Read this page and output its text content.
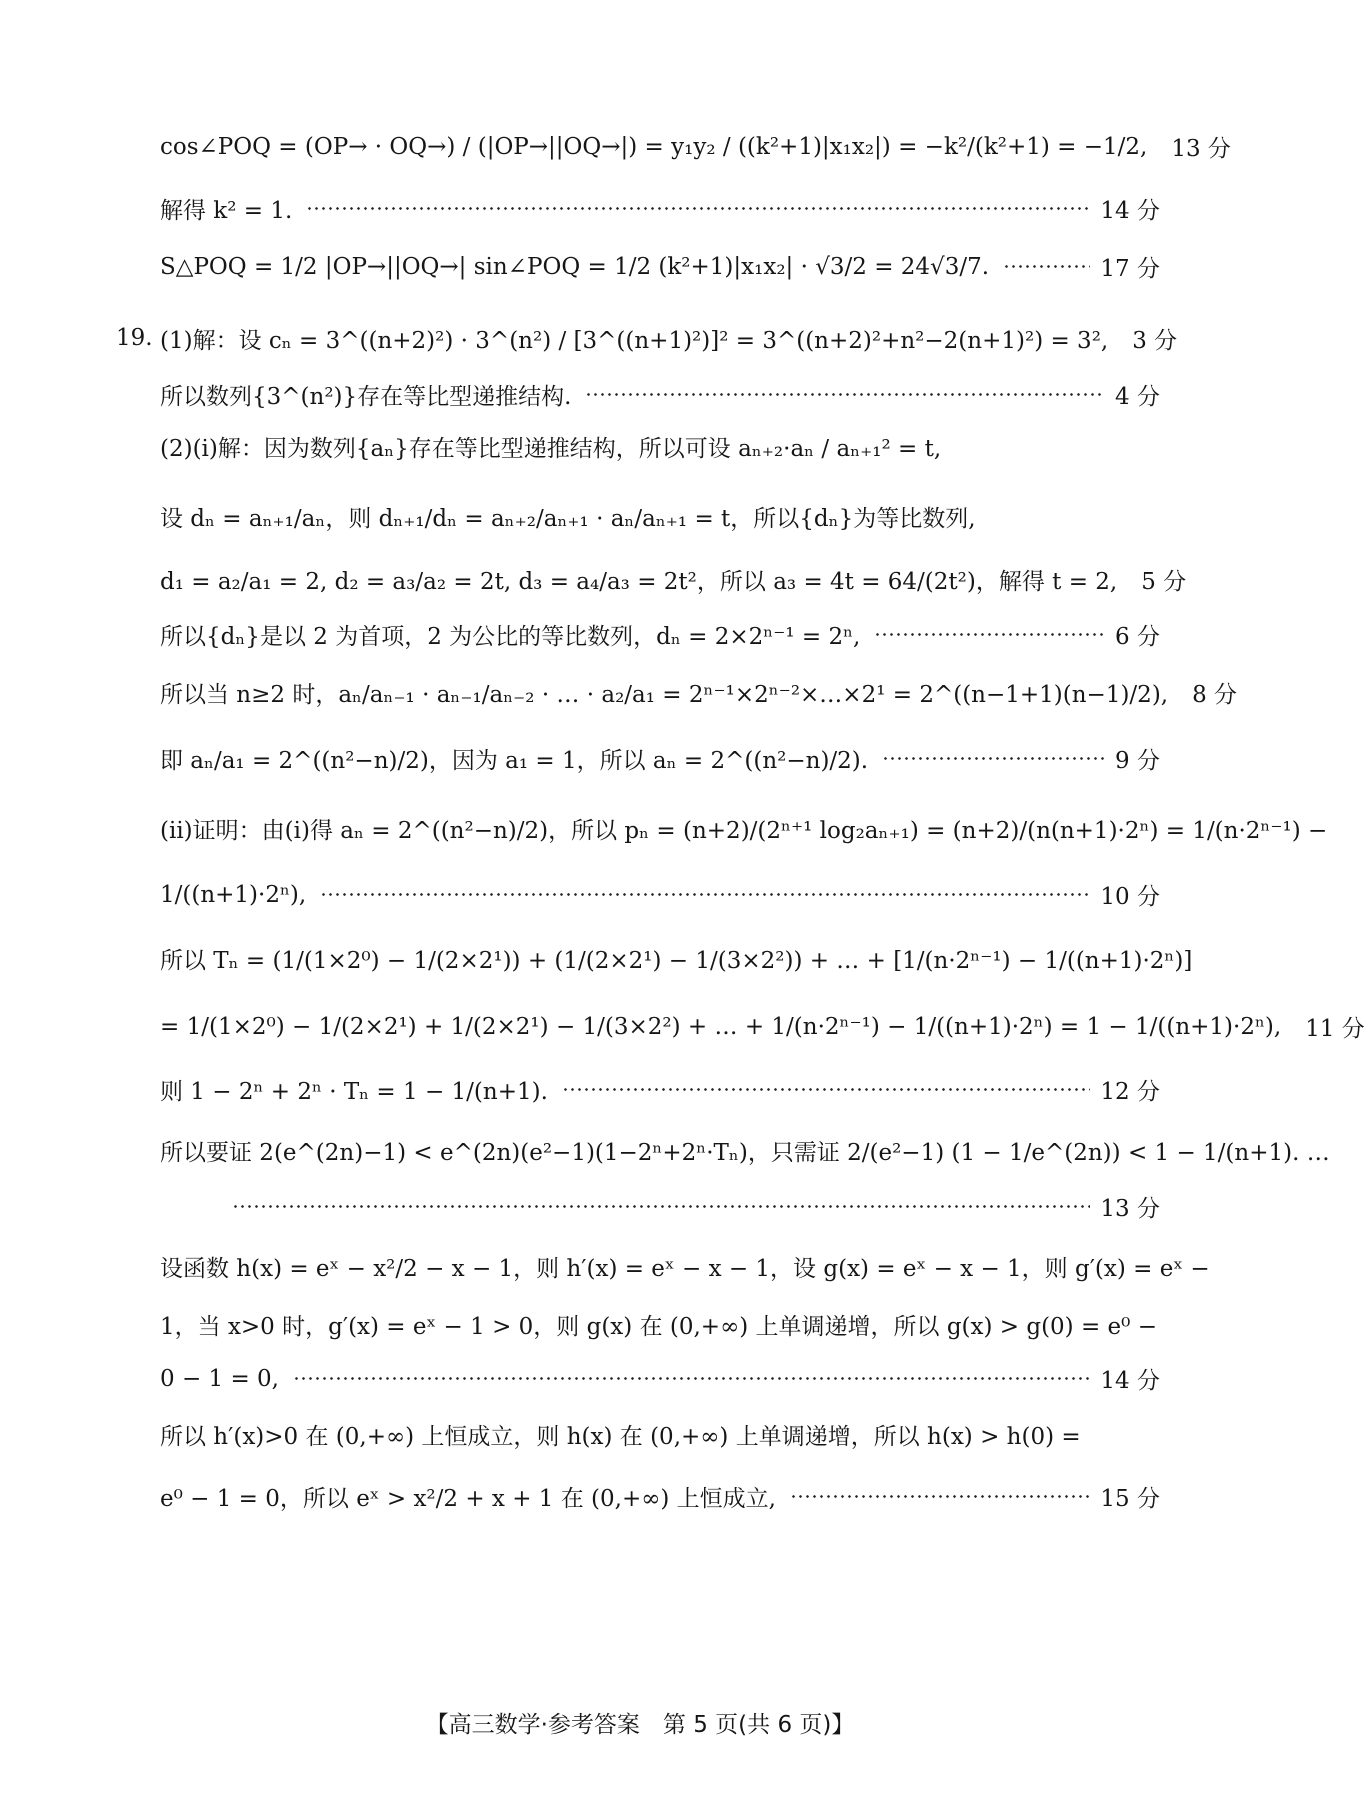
cos∠POQ = (OP→ · OQ→) / (|OP→||OQ→|) = y₁y₂ / ((k²+1)|x₁x₂|) = −k²/(k²+1) = −1/2, 13 分
解得 k² = 1.	14 分
S△POQ = 1/2 |OP→||OQ→| sin∠POQ = 1/2 (k²+1)|x₁x₂| · √3/2 = 24√3/7.	17 分
19. (1)解：设 cₙ = 3^((n+2)²) · 3^(n²) / [3^((n+1)²)]² = 3^((n+2)²+n²−2(n+1)²) = 3², 3 分
所以数列{3^(n²)}存在等比型递推结构.	4 分
(2)(ⅰ)解：因为数列{aₙ}存在等比型递推结构，所以可设 aₙ₊₂·aₙ / aₙ₊₁² = t,
设 dₙ = aₙ₊₁/aₙ，则 dₙ₊₁/dₙ = aₙ₊₂/aₙ₊₁ · aₙ/aₙ₊₁ = t，所以{dₙ}为等比数列,
d₁ = a₂/a₁ = 2, d₂ = a₃/a₂ = 2t, d₃ = a₄/a₃ = 2t²，所以 a₃ = 4t = 64/(2t²)，解得 t = 2, 5 分
所以{dₙ}是以 2 为首项，2 为公比的等比数列，dₙ = 2×2ⁿ⁻¹ = 2ⁿ,	6 分
所以当 n≥2 时，aₙ/aₙ₋₁ · aₙ₋₁/aₙ₋₂ · … · a₂/a₁ = 2ⁿ⁻¹×2ⁿ⁻²×…×2¹ = 2^((n−1+1)(n−1)/2), 8 分
即 aₙ/a₁ = 2^((n²−n)/2)，因为 a₁ = 1，所以 aₙ = 2^((n²−n)/2).	9 分
(ⅱ)证明：由(ⅰ)得 aₙ = 2^((n²−n)/2)，所以 pₙ = (n+2)/(2ⁿ⁺¹ log₂aₙ₊₁) = (n+2)/(n(n+1)·2ⁿ) = 1/(n·2ⁿ⁻¹) −
1/((n+1)·2ⁿ),	10 分
所以 Tₙ = (1/(1×2⁰) − 1/(2×2¹)) + (1/(2×2¹) − 1/(3×2²)) + … + [1/(n·2ⁿ⁻¹) − 1/((n+1)·2ⁿ)]
= 1/(1×2⁰) − 1/(2×2¹) + 1/(2×2¹) − 1/(3×2²) + … + 1/(n·2ⁿ⁻¹) − 1/((n+1)·2ⁿ) = 1 − 1/((n+1)·2ⁿ), 11 分
则 1 − 2ⁿ + 2ⁿ · Tₙ = 1 − 1/(n+1).	12 分
所以要证 2(e^(2n)−1) < e^(2n)(e²−1)(1−2ⁿ+2ⁿ·Tₙ)，只需证 2/(e²−1) (1 − 1/e^(2n)) < 1 − 1/(n+1). …
13 分
设函数 h(x) = eˣ − x²/2 − x − 1，则 h′(x) = eˣ − x − 1，设 g(x) = eˣ − x − 1，则 g′(x) = eˣ −
1，当 x>0 时，g′(x) = eˣ − 1 > 0，则 g(x) 在 (0,+∞) 上单调递增，所以 g(x) > g(0) = e⁰ −
0 − 1 = 0,	14 分
所以 h′(x)>0 在 (0,+∞) 上恒成立，则 h(x) 在 (0,+∞) 上单调递增，所以 h(x) > h(0) =
e⁰ − 1 = 0，所以 eˣ > x²/2 + x + 1 在 (0,+∞) 上恒成立,	15 分
【高三数学·参考答案　第 5 页(共 6 页)】
